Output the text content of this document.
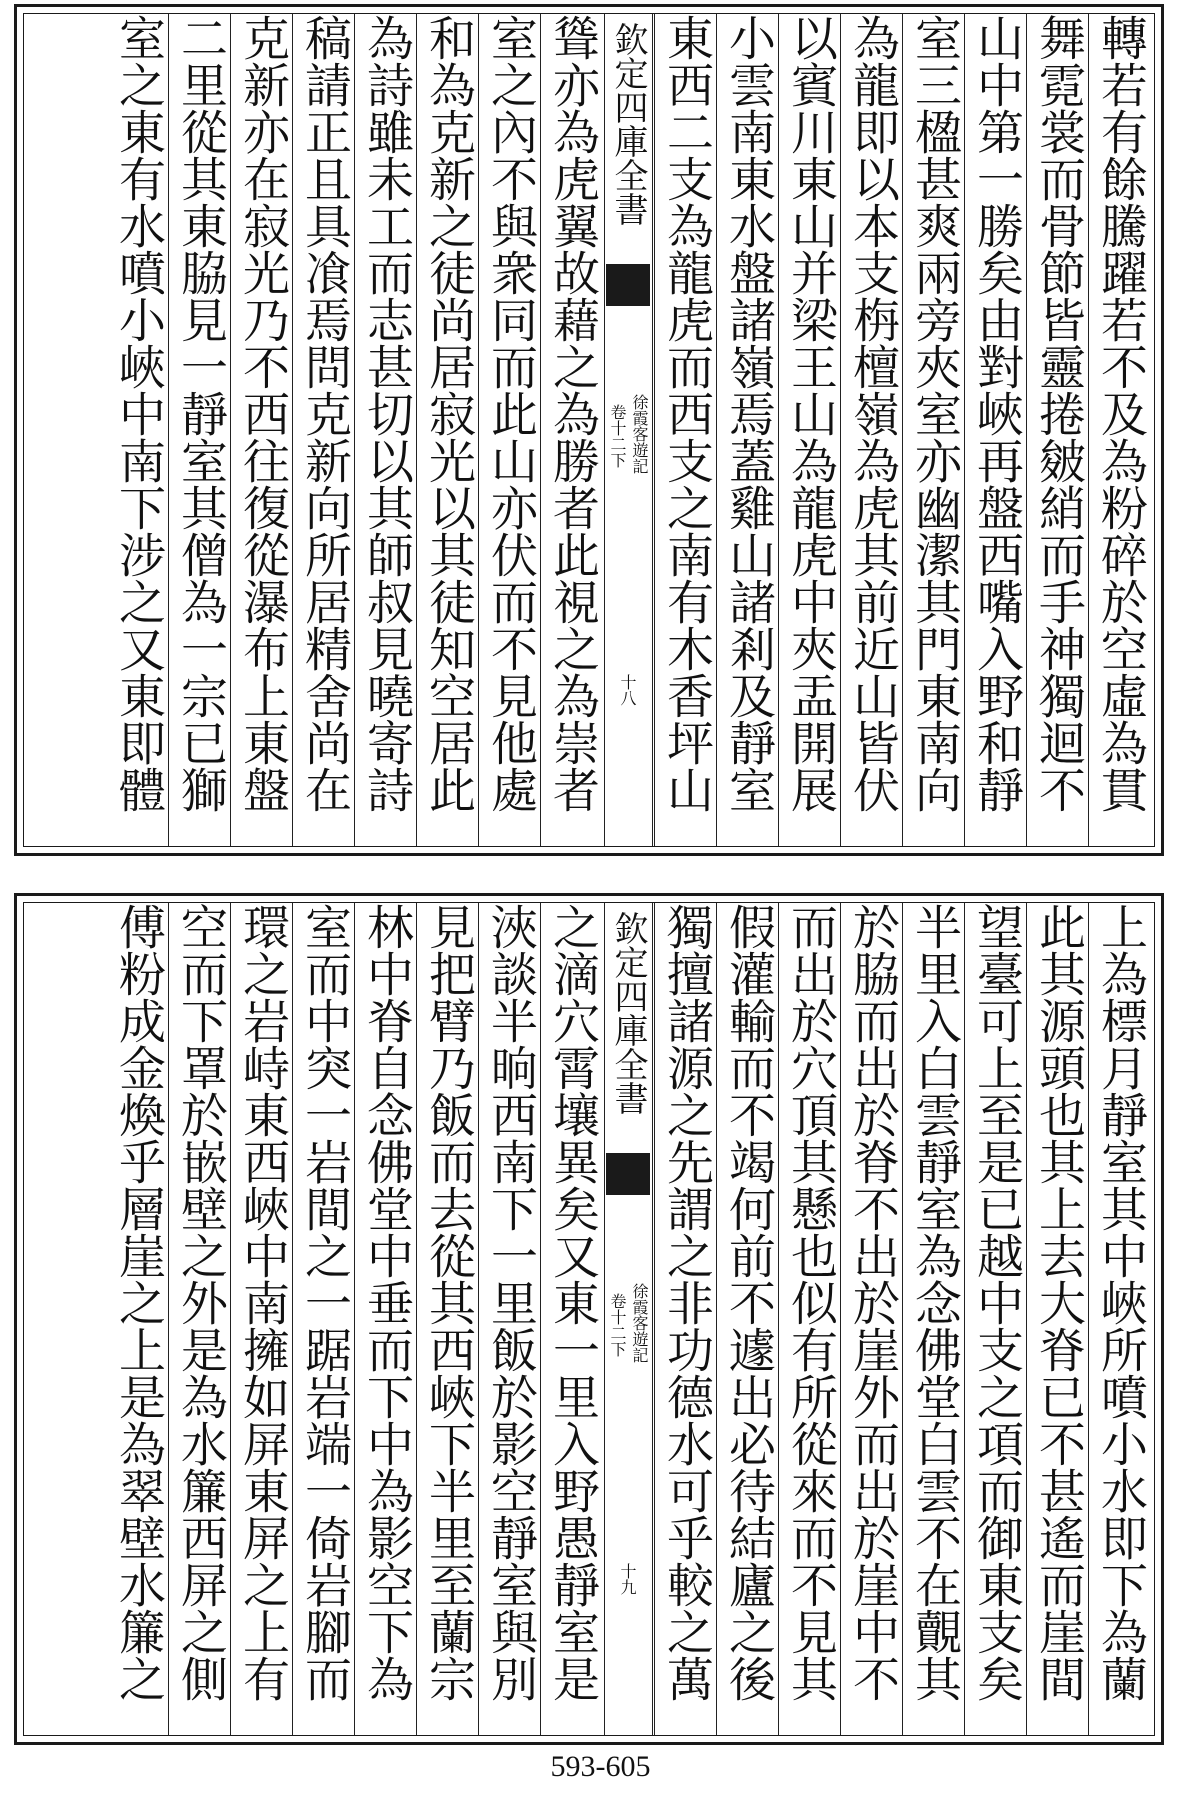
轉若有餘騰躍若不及為粉碎於空虛為貫
舞霓裳而骨節皆靈捲皴綃而手神獨迴不
山中第一勝矣由對峽再盤西嘴入野和靜
室三楹甚爽兩旁夾室亦幽潔其門東南向
為龍即以本支栴檀嶺為虎其前近山皆伏
以賓川東山并梁王山為龍虎中夾盂開展
小雲南東水盤諸嶺焉蓋雞山諸剎及靜室
東西二支為龍虎而西支之南有木香坪山
欽定四庫全書
徐霞客遊記
卷十二下
十八
聳亦為虎翼故藉之為勝者此視之為崇者
室之內不與衆同而此山亦伏而不見他處
和為克新之徒尚居寂光以其徒知空居此
為詩雖未工而志甚切以其師叔見曉寄詩
稿請正且具飡焉問克新向所居精舍尚在
克新亦在寂光乃不西往復從瀑布上東盤
二里從其東脇見一靜室其僧為一宗已獅
室之東有水噴小峽中南下涉之又東即體
上為標月靜室其中峽所噴小水即下為蘭
此其源頭也其上去大脊已不甚遙而崖間
望臺可上至是已越中支之項而御東支矣
半里入白雲靜室為念佛堂白雲不在覿其
於脇而出於脊不出於崖外而出於崖中不
而出於穴頂其懸也似有所從來而不見其
假灌輸而不竭何前不遽出必待結廬之後
獨擅諸源之先謂之非功德水可乎較之萬
欽定四庫全書
徐霞客遊記
卷十二下
十九
之滴穴霄壤異矣又東一里入野愚靜室是
浹談半晌西南下一里飯於影空靜室與別
見把臂乃飯而去從其西峽下半里至蘭宗
林中脊自念佛堂中垂而下中為影空下為
室而中突一岩間之一踞岩端一倚岩腳而
環之岩峙東西峽中南擁如屏東屏之上有
空而下罩於嵌壁之外是為水簾西屏之側
傅粉成金煥乎層崖之上是為翠壁水簾之
593-605
